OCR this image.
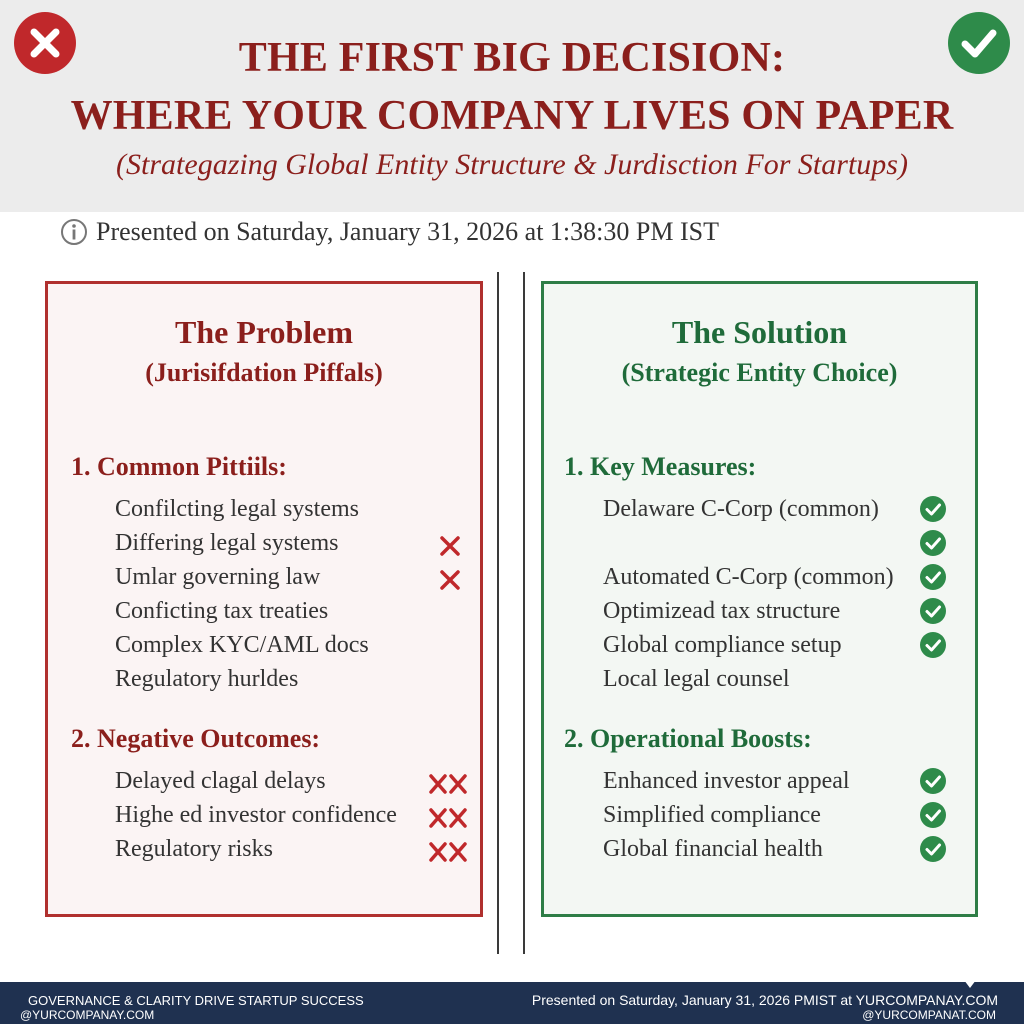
THE FIRST BIG DECISION:
WHERE YOUR COMPANY LIVES ON PAPER
(Strategazing Global Entity Structure & Jurdisction For Startups)
Presented on Saturday, January 31, 2026 at 1:38:30 PM IST
The Problem
(Jurisifdation Piffals)
1. Common Pittiils:
Confilcting legal systems
Differing legal systems
Umlar governing law
Conficting tax treaties
Complex KYC/AML docs
Regulatory hurldes
2. Negative Outcomes:
Delayed clagal delays
Highe ed investor confidence
Regulatory risks
The Solution
(Strategic Entity Choice)
1. Key Measures:
Delaware C-Corp (common)
Automated C-Corp (common)
Optimizead tax structure
Global compliance setup
Local legal counsel
2. Operational Boosts:
Enhanced investor appeal
Simplified compliance
Global financial health
GOVERNANCE & CLARITY DRIVE STARTUP SUCCESS
@YURCOMPANAY.COM
Presented on Saturday, January 31, 2026 PMIST at YURCOMPANAY.COM
@YURCOMPANAT.COM
